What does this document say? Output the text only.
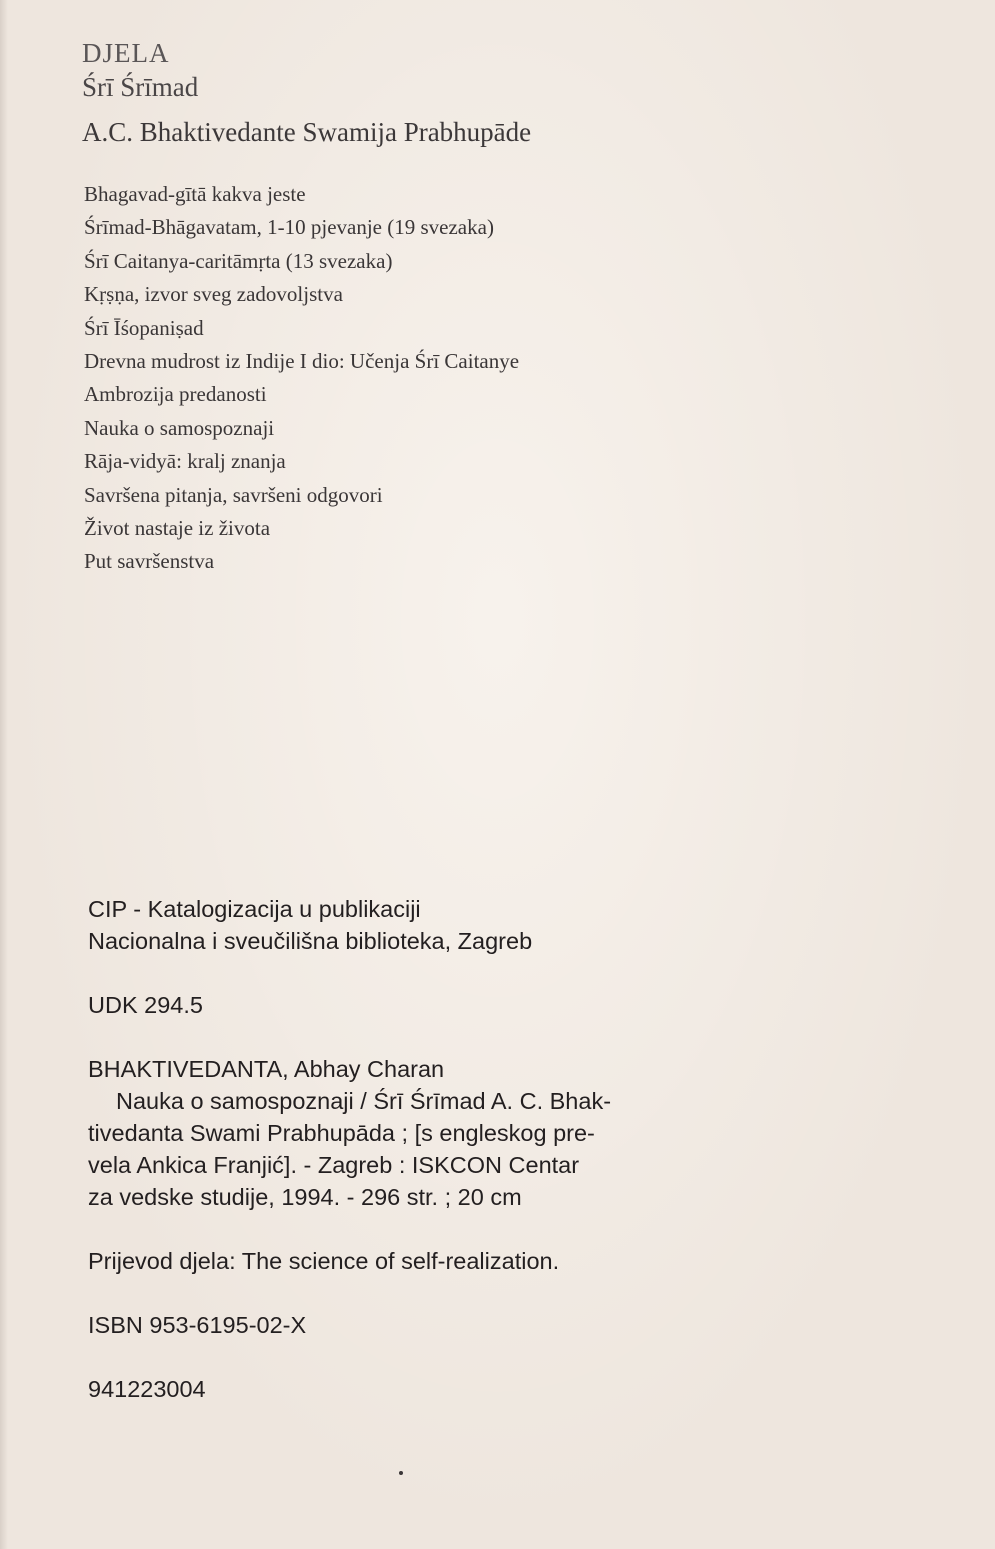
DJELA
Śrī Śrīmad
A.C. Bhaktivedante Swamija Prabhupāde
Bhagavad-gītā kakva jeste
Śrīmad-Bhāgavatam, 1-10 pjevanje (19 svezaka)
Śrī Caitanya-caritāmṛta (13 svezaka)
Kṛṣṇa, izvor sveg zadovoljstva
Śrī Īśopaniṣad
Drevna mudrost iz Indije I dio: Učenja Śrī Caitanye
Ambrozija predanosti
Nauka o samospoznaji
Rāja-vidyā: kralj znanja
Savršena pitanja, savršeni odgovori
Život nastaje iz života
Put savršenstva
CIP - Katalogizacija u publikaciji
Nacionalna i sveučilišna biblioteka, Zagreb
UDK 294.5
BHAKTIVEDANTA, Abhay Charan
Nauka o samospoznaji / Śrī Śrīmad A. C. Bhak-
tivedanta Swami Prabhupāda ; [s engleskog pre-
vela Ankica Franjić]. - Zagreb : ISKCON Centar
za vedske studije, 1994. - 296 str. ; 20 cm
Prijevod djela: The science of self-realization.
ISBN 953-6195-02-X
941223004
